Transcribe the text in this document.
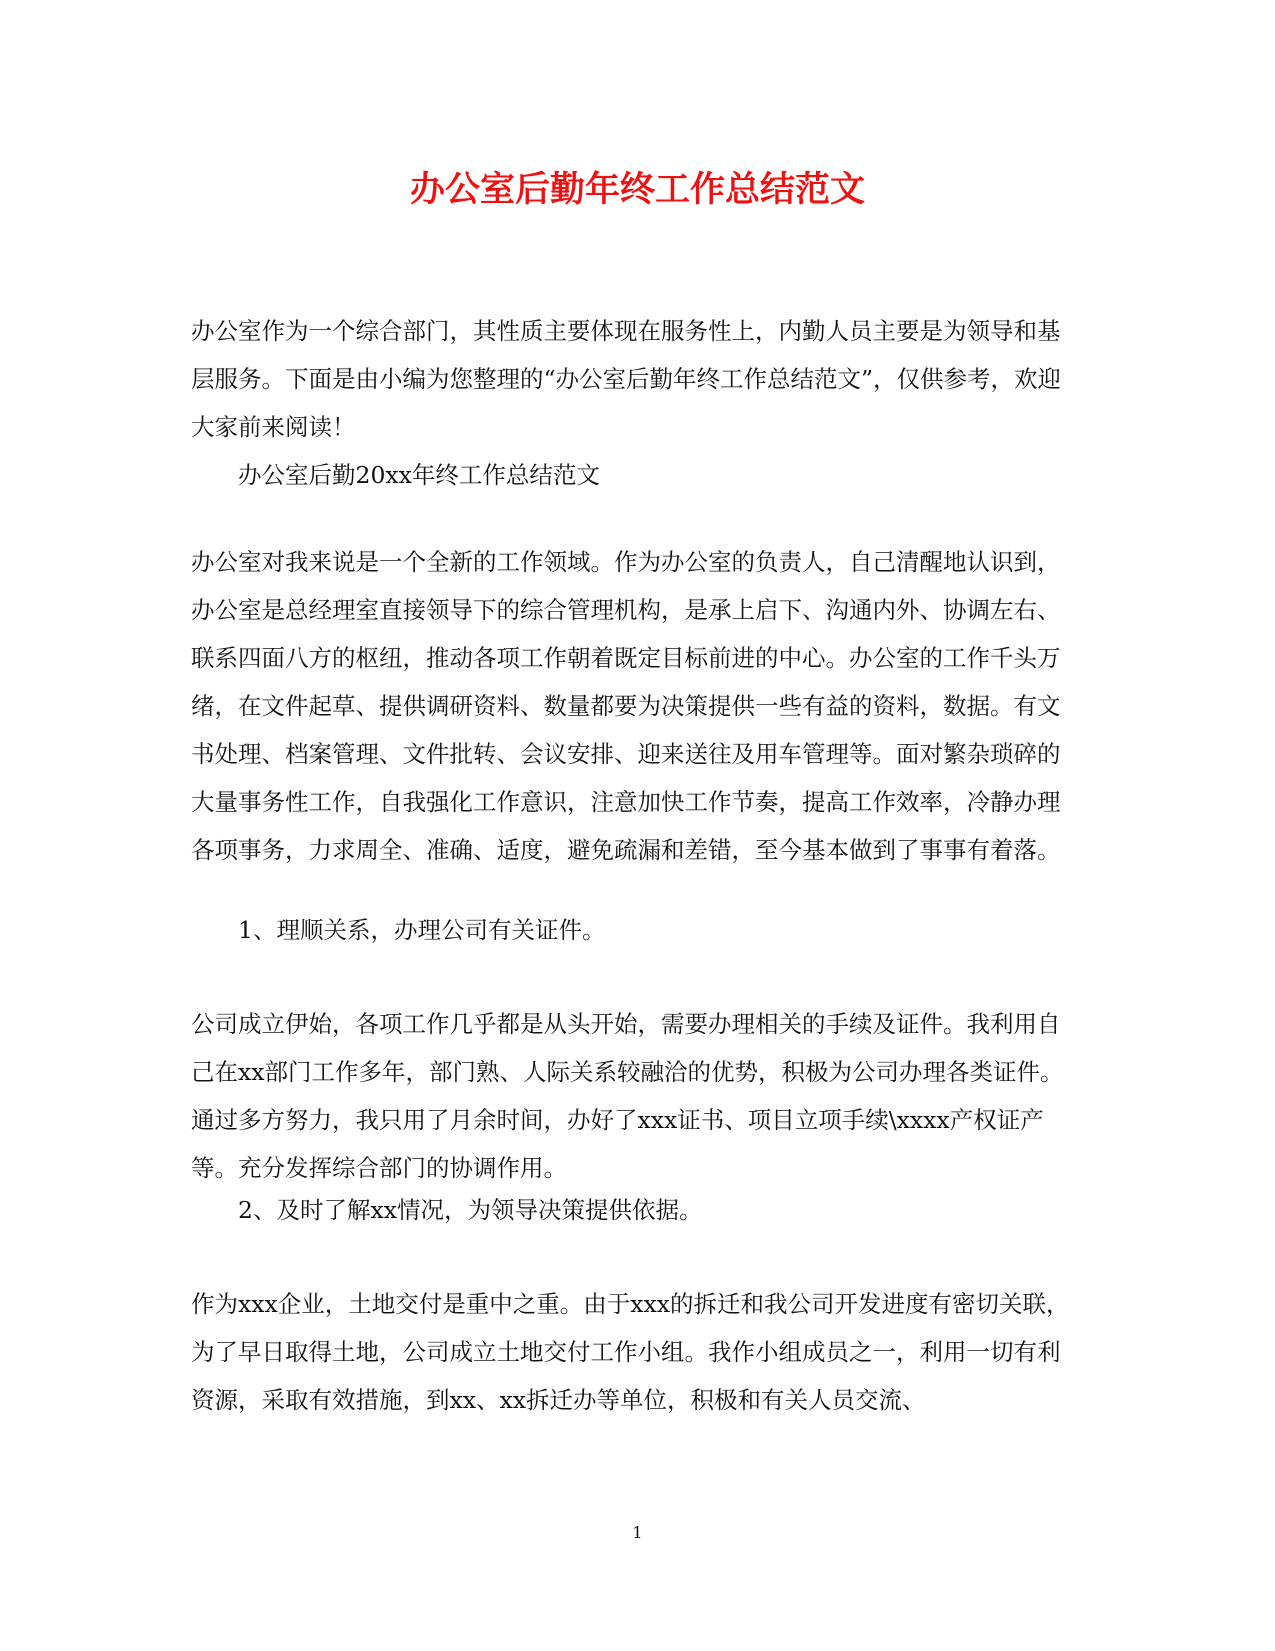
办公室后勤年终工作总结范文

办公室作为一个综合部门，其性质主要体现在服务性上，内勤人员主要是为领导和基层服务。下面是由小编为您整理的“办公室后勤年终工作总结范文”，仅供参考，欢迎大家前来阅读！

办公室后勤20xx年终工作总结范文

办公室对我来说是一个全新的工作领域。作为办公室的负责人，自己清醒地认识到，办公室是总经理室直接领导下的综合管理机构，是承上启下、沟通内外、协调左右、联系四面八方的枢纽，推动各项工作朝着既定目标前进的中心。办公室的工作千头万绪，在文件起草、提供调研资料、数量都要为决策提供一些有益的资料，数据。有文书处理、档案管理、文件批转、会议安排、迎来送往及用车管理等。面对繁杂琐碎的大量事务性工作，自我强化工作意识，注意加快工作节奏，提高工作效率，冷静办理各项事务，力求周全、准确、适度，避免疏漏和差错，至今基本做到了事事有着落。

1、理顺关系，办理公司有关证件。

公司成立伊始，各项工作几乎都是从头开始，需要办理相关的手续及证件。我利用自己在xx部门工作多年，部门熟、人际关系较融洽的优势，积极为公司办理各类证件。通过多方努力，我只用了月余时间，办好了xxx证书、项目立项手续\xxxx产权证产等。充分发挥综合部门的协调作用。

2、及时了解xx情况，为领导决策提供依据。

作为xxx企业，土地交付是重中之重。由于xxx的拆迁和我公司开发进度有密切关联，为了早日取得土地，公司成立土地交付工作小组。我作小组成员之一，利用一切有利资源，采取有效措施，到xx、xx拆迁办等单位，积极和有关人员交流、

1
